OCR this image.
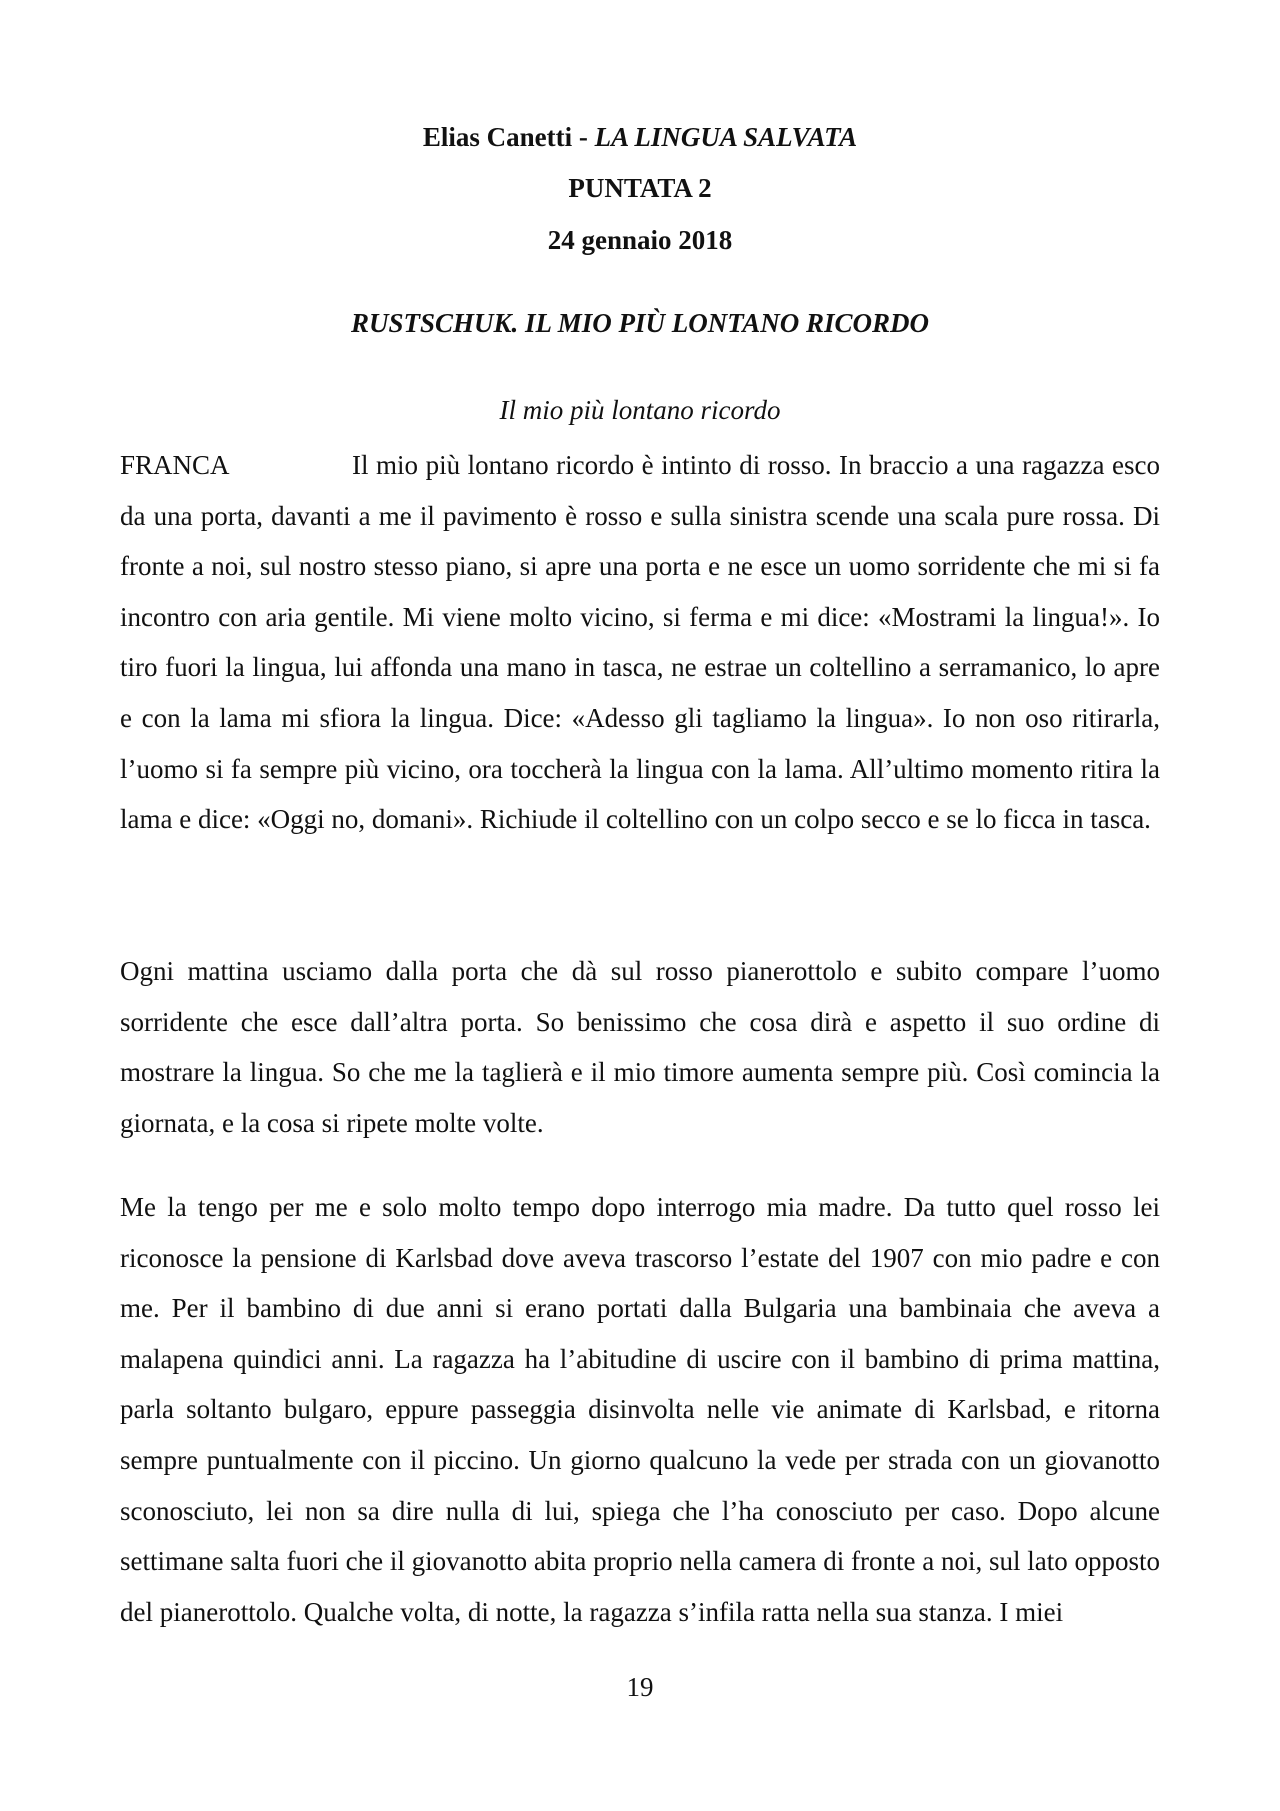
Elias Canetti - LA LINGUA SALVATA
PUNTATA 2
24 gennaio 2018
RUSTSCHUK. IL MIO PIÙ LONTANO RICORDO
Il mio più lontano ricordo
FRANCA	Il mio più lontano ricordo è intinto di rosso. In braccio a una ragazza esco da una porta, davanti a me il pavimento è rosso e sulla sinistra scende una scala pure rossa. Di fronte a noi, sul nostro stesso piano, si apre una porta e ne esce un uomo sorridente che mi si fa incontro con aria gentile. Mi viene molto vicino, si ferma e mi dice: «Mostrami la lingua!». Io tiro fuori la lingua, lui affonda una mano in tasca, ne estrae un coltellino a serramanico, lo apre e con la lama mi sfiora la lingua. Dice: «Adesso gli tagliamo la lingua». Io non oso ritirarla, l’uomo si fa sempre più vicino, ora toccherà la lingua con la lama. All’ultimo momento ritira la lama e dice: «Oggi no, domani». Richiude il coltellino con un colpo secco e se lo ficca in tasca.
Ogni mattina usciamo dalla porta che dà sul rosso pianerottolo e subito compare l’uomo sorridente che esce dall’altra porta. So benissimo che cosa dirà e aspetto il suo ordine di mostrare la lingua. So che me la taglierà e il mio timore aumenta sempre più. Così comincia la giornata, e la cosa si ripete molte volte.
Me la tengo per me e solo molto tempo dopo interrogo mia madre. Da tutto quel rosso lei riconosce la pensione di Karlsbad dove aveva trascorso l’estate del 1907 con mio padre e con me. Per il bambino di due anni si erano portati dalla Bulgaria una bambinaia che aveva a malapena quindici anni. La ragazza ha l’abitudine di uscire con il bambino di prima mattina, parla soltanto bulgaro, eppure passeggia disinvolta nelle vie animate di Karlsbad, e ritorna sempre puntualmente con il piccino. Un giorno qualcuno la vede per strada con un giovanotto sconosciuto, lei non sa dire nulla di lui, spiega che l’ha conosciuto per caso. Dopo alcune settimane salta fuori che il giovanotto abita proprio nella camera di fronte a noi, sul lato opposto del pianerottolo. Qualche volta, di notte, la ragazza s’infila ratta nella sua stanza. I miei
19
